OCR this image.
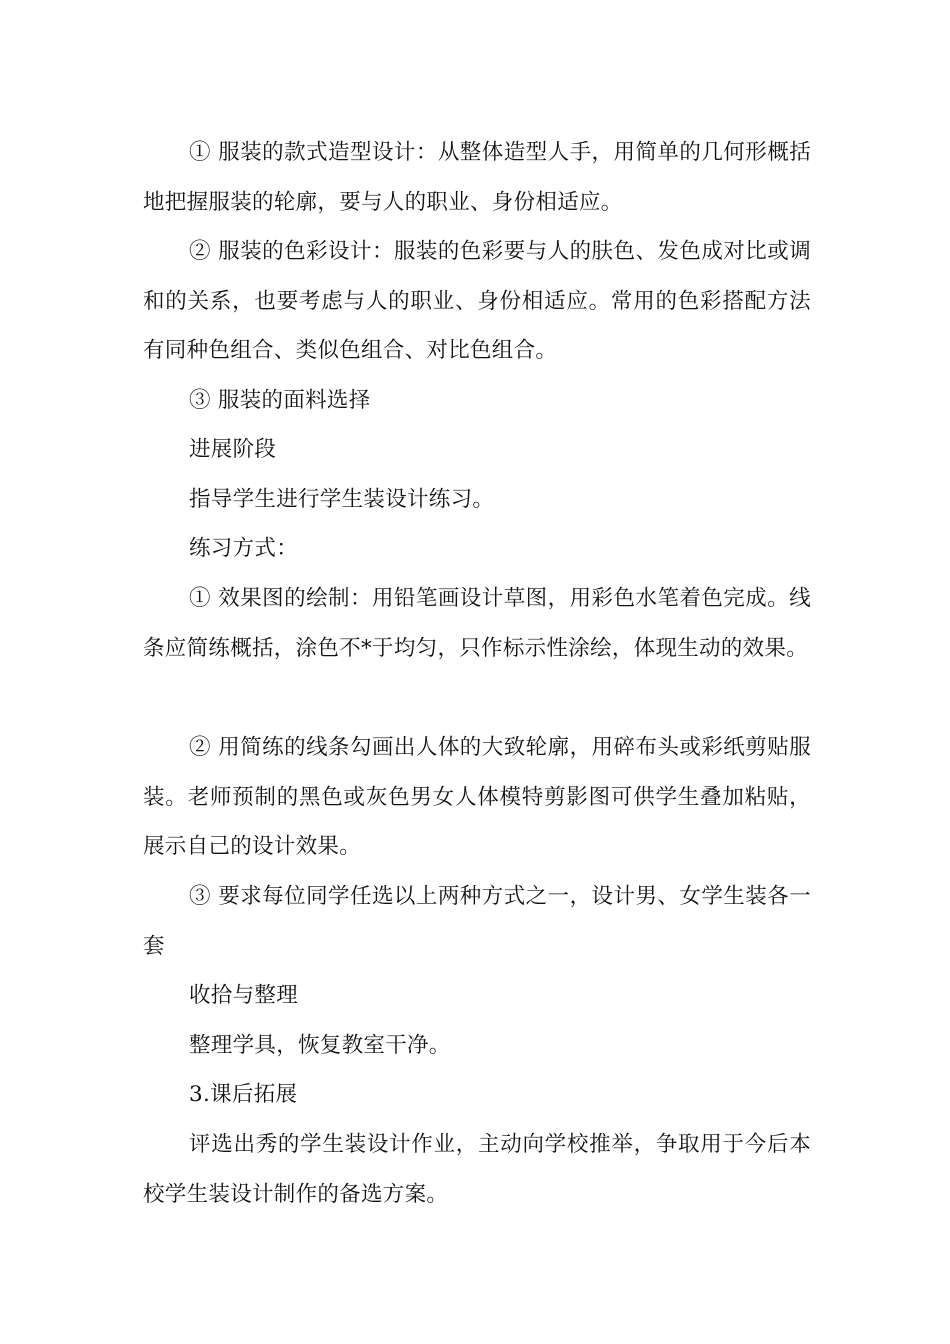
① 服装的款式造型设计：从整体造型人手，用简单的几何形概括地把握服装的轮廓，要与人的职业、身份相适应。

② 服装的色彩设计：服装的色彩要与人的肤色、发色成对比或调和的关系，也要考虑与人的职业、身份相适应。常用的色彩搭配方法有同种色组合、类似色组合、对比色组合。

③ 服装的面料选择

进展阶段

指导学生进行学生装设计练习。

练习方式：

① 效果图的绘制：用铅笔画设计草图，用彩色水笔着色完成。线条应简练概括，涂色不*于均匀，只作标示性涂绘，体现生动的效果。

② 用简练的线条勾画出人体的大致轮廓，用碎布头或彩纸剪贴服装。老师预制的黑色或灰色男女人体模特剪影图可供学生叠加粘贴，展示自己的设计效果。

③ 要求每位同学任选以上两种方式之一，设计男、女学生装各一套

收拾与整理

整理学具，恢复教室干净。

3.课后拓展

评选出秀的学生装设计作业，主动向学校推举，争取用于今后本校学生装设计制作的备选方案。
